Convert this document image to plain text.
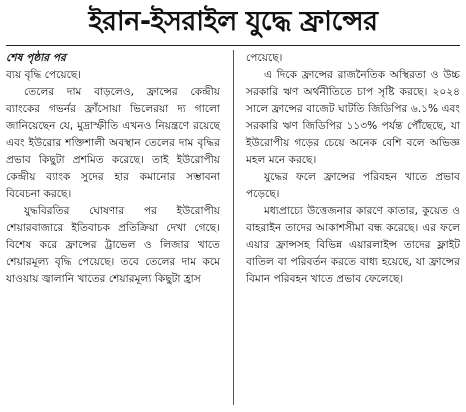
ইরান-ইসরাইল যুদ্ধে ফ্রান্সের

শেষ পৃষ্ঠার পর

ব্যয় বৃদ্ধি পেয়েছে।

তেলের দাম বাড়লেও, ফ্রান্সের কেন্দ্রীয় ব্যাংকের গভর্নর ফ্রাঁসোয়া ভিলেরয়া দ্য গালো জানিয়েছেন যে, মুদ্রাস্ফীতি এখনও নিয়ন্ত্রণে রয়েছে এবং ইউরোর শক্তিশালী অবস্থান তেলের দাম বৃদ্ধির প্রভাব কিছুটা প্রশমিত করেছে। তাই ইউরোপীয় কেন্দ্রীয় ব্যাংক সুদের হার কমানোর সম্ভাবনা বিবেচনা করছে।

যুদ্ধবিরতির ঘোষণার পর ইউরোপীয় শেয়ারবাজারে ইতিবাচক প্রতিক্রিয়া দেখা গেছে। বিশেষ করে ফ্রান্সের ট্রাভেল ও লিজার খাতে শেয়ারমূল্য বৃদ্ধি পেয়েছে। তবে তেলের দাম কমে যাওয়ায় জ্বালানি খাতের শেয়ারমূল্য কিছুটা হ্রাস

পেয়েছে।

এ দিকে ফ্রান্সের রাজনৈতিক অস্থিরতা ও উচ্চ সরকারি ঋণ অর্থনীতিতে চাপ সৃষ্টি করছে। ২০২৪ সালে ফ্রান্সের বাজেট ঘাটতি জিডিপির ৬.১% এবং সরকারি ঋণ জিডিপির ১১৩% পর্যন্ত পৌঁছেছে, যা ইউরোপীয় গড়ের চেয়ে অনেক বেশি বলে অভিজ্ঞ মহল মনে করছে।

যুদ্ধের ফলে ফ্রান্সের পরিবহন খাতে প্রভাব পড়েছে।

মধ্যপ্রাচ্যে উত্তেজনার কারণে কাতার, কুয়েত ও বাহরাইন তাদের আকাশসীমা বন্ধ করেছে। এর ফলে এয়ার ফ্রান্সসহ বিভিন্ন এয়ারলাইন্স তাদের ফ্লাইট বাতিল বা পরিবর্তন করতে বাধ্য হয়েছে, যা ফ্রান্সের বিমান পরিবহন খাতে প্রভাব ফেলেছে।
